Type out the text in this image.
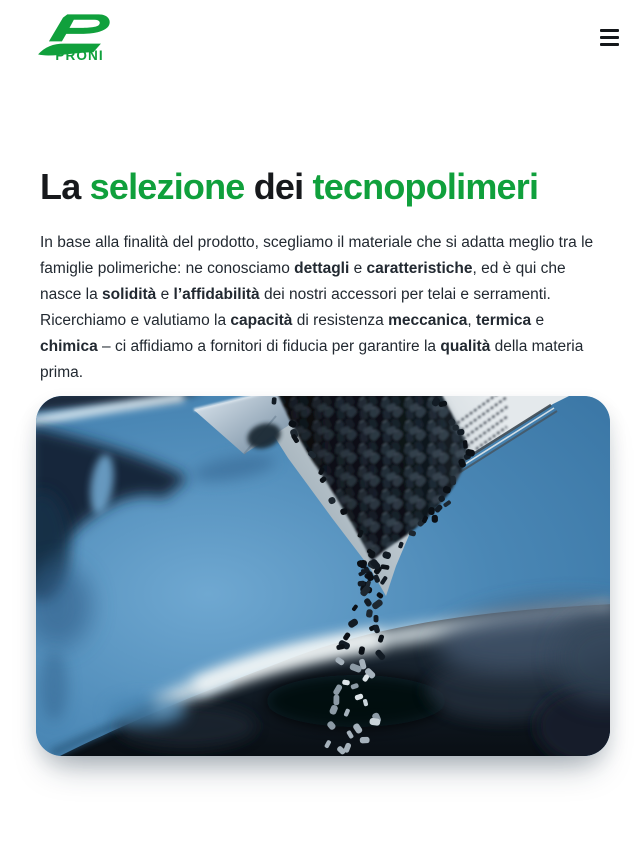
PRONI
La selezione dei tecnopolimeri

In base alla finalità del prodotto, scegliamo il materiale che si adatta meglio tra le famiglie polimeriche: ne conosciamo dettagli e caratteristiche, ed è qui che nasce la solidità e l’affidabilità dei nostri accessori per telai e serramenti. Ricerchiamo e valutiamo la capacità di resistenza meccanica, termica e chimica – ci affidiamo a fornitori di fiducia per garantire la qualità della materia prima.
